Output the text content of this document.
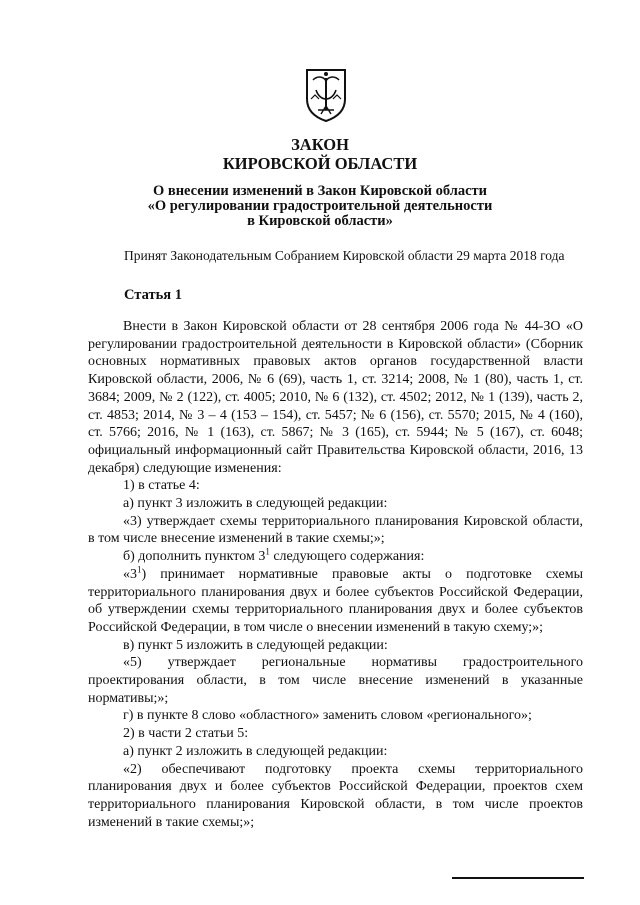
ЗАКОН
КИРОВСКОЙ ОБЛАСТИ
О внесении изменений в Закон Кировской области
«О регулировании градостроительной деятельности
в Кировской области»
Принят Законодательным Собранием Кировской области 29 марта 2018 года
Статья 1

Внести в Закон Кировской области от 28 сентября 2006 года № 44-ЗО «О регулировании градостроительной деятельности в Кировской области» (Сборник основных нормативных правовых актов органов государственной власти Кировской области, 2006, № 6 (69), часть 1, ст. 3214; 2008, № 1 (80), часть 1, ст. 3684; 2009, № 2 (122), ст. 4005; 2010, № 6 (132), ст. 4502; 2012, № 1 (139), часть 2, ст. 4853; 2014, № 3 – 4 (153 – 154), ст. 5457; № 6 (156), ст. 5570; 2015, № 4 (160), ст. 5766; 2016, № 1 (163), ст. 5867; № 3 (165), ст. 5944; № 5 (167), ст. 6048; официальный информационный сайт Правительства Кировской области, 2016, 13 декабря) следующие изменения:

1) в статье 4:

а) пункт 3 изложить в следующей редакции:

«3) утверждает схемы территориального планирования Кировской области, в том числе внесение изменений в такие схемы;»;

б) дополнить пунктом $3^1$ следующего содержания:

«$3^1$) принимает нормативные правовые акты о подготовке схемы территориального планирования двух и более субъектов Российской Федерации, об утверждении схемы территориального планирования двух и более субъектов Российской Федерации, в том числе о внесении изменений в такую схему;»;

в) пункт 5 изложить в следующей редакции:

«5) утверждает региональные нормативы градостроительного проектирования области, в том числе внесение изменений в указанные нормативы;»;

г) в пункте 8 слово «областного» заменить словом «регионального»;

2) в части 2 статьи 5:

а) пункт 2 изложить в следующей редакции:

«2) обеспечивают подготовку проекта схемы территориального планирования двух и более субъектов Российской Федерации, проектов схем территориального планирования Кировской области, в том числе проектов изменений в такие схемы;»;
